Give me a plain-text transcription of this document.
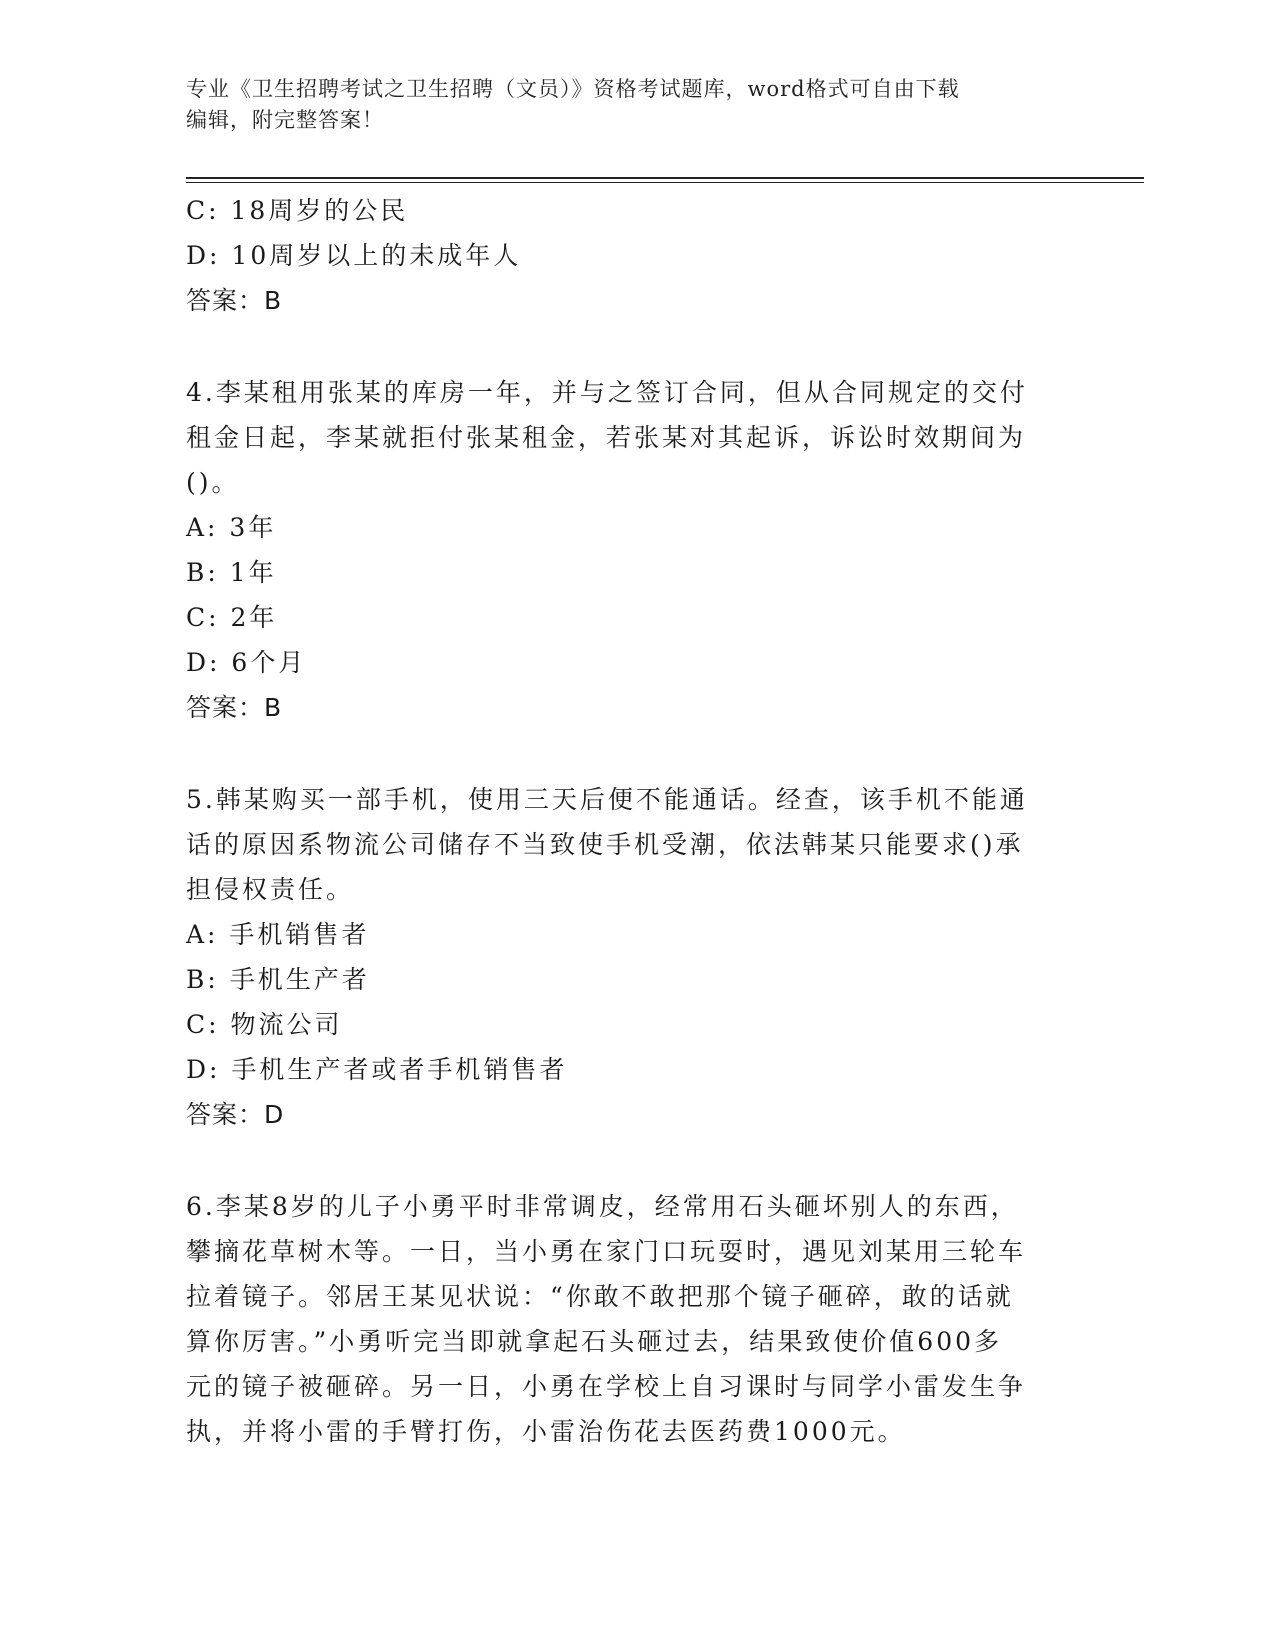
专业《卫生招聘考试之卫生招聘（文员）》资格考试题库，word格式可自由下载
编辑，附完整答案！
C: 18周岁的公民
D: 10周岁以上的未成年人
答案：B
4.李某租用张某的库房一年，并与之签订合同，但从合同规定的交付
租金日起，李某就拒付张某租金，若张某对其起诉，诉讼时效期间为
()。
A: 3年
B: 1年
C: 2年
D: 6个月
答案：B
5.韩某购买一部手机，使用三天后便不能通话。经查，该手机不能通
话的原因系物流公司储存不当致使手机受潮，依法韩某只能要求()承
担侵权责任。
A: 手机销售者
B: 手机生产者
C: 物流公司
D: 手机生产者或者手机销售者
答案：D
6.李某8岁的儿子小勇平时非常调皮，经常用石头砸坏别人的东西，
攀摘花草树木等。一日，当小勇在家门口玩耍时，遇见刘某用三轮车
拉着镜子。邻居王某见状说：“你敢不敢把那个镜子砸碎，敢的话就
算你厉害。”小勇听完当即就拿起石头砸过去，结果致使价值600多
元的镜子被砸碎。另一日，小勇在学校上自习课时与同学小雷发生争
执，并将小雷的手臂打伤，小雷治伤花去医药费1000元。
